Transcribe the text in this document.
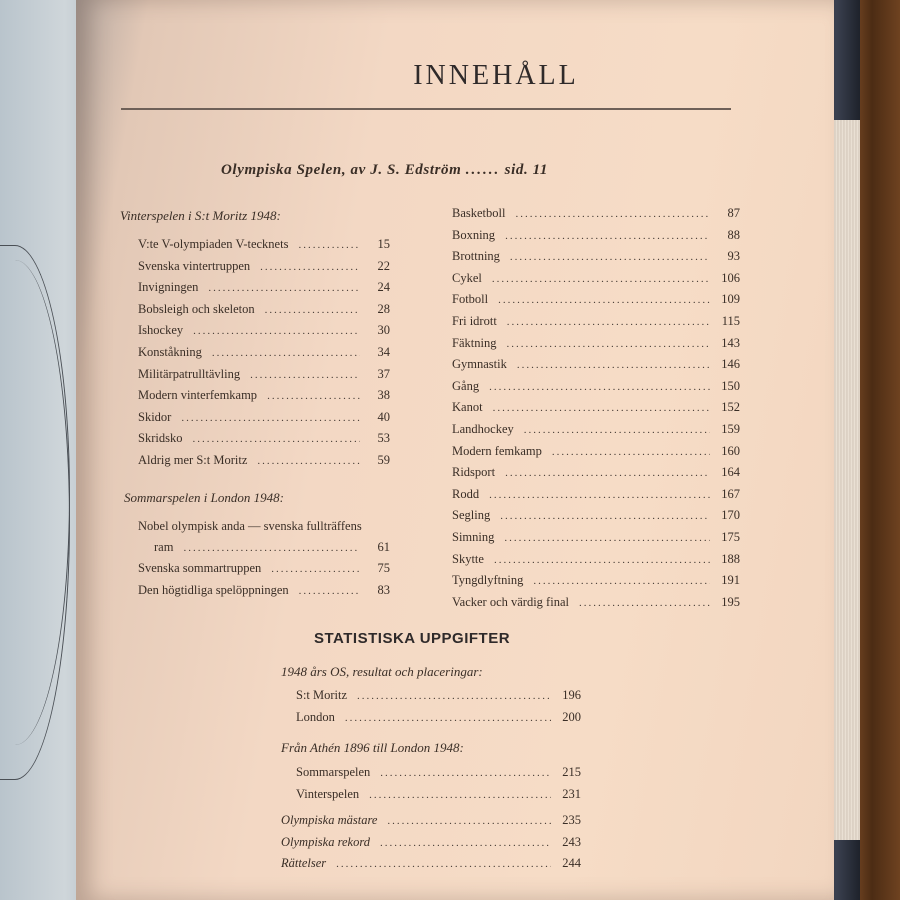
INNEHÅLL
Olympiska Spelen, av J. S. Edström ...... sid. 11
Vinterspelen i S:t Moritz 1948:
V:te V-olympiaden V-tecknets .....	15
Svenska vintertruppen .....	22
Invigningen .....	24
Bobsleigh och skeleton .....	28
Ishockey .....	30
Konståkning .....	34
Militärpatrulltävling .....	37
Modern vinterfemkamp .....	38
Skidor .....	40
Skridsko .....	53
Aldrig mer S:t Moritz .....	59
Sommarspelen i London 1948:
Nobel olympisk anda — svenska fullträffens
ram .....	61
Svenska sommartruppen .....	75
Den högtidliga spelöppningen .....	83
Basketboll .....	87
Boxning .....	88
Brottning .....	93
Cykel .....	106
Fotboll .....	109
Fri idrott .....	115
Fäktning .....	143
Gymnastik .....	146
Gång .....	150
Kanot .....	152
Landhockey .....	159
Modern femkamp .....	160
Ridsport .....	164
Rodd .....	167
Segling .....	170
Simning .....	175
Skytte .....	188
Tyngdlyftning .....	191
Vacker och värdig final .....	195
STATISTISKA UPPGIFTER
1948 års OS, resultat och placeringar:
S:t Moritz .....	196
London .....	200
Från Athén 1896 till London 1948:
Sommarspelen .....	215
Vinterspelen .....	231
Olympiska mästare .....	235
Olympiska rekord .....	243
Rättelser .....	244
